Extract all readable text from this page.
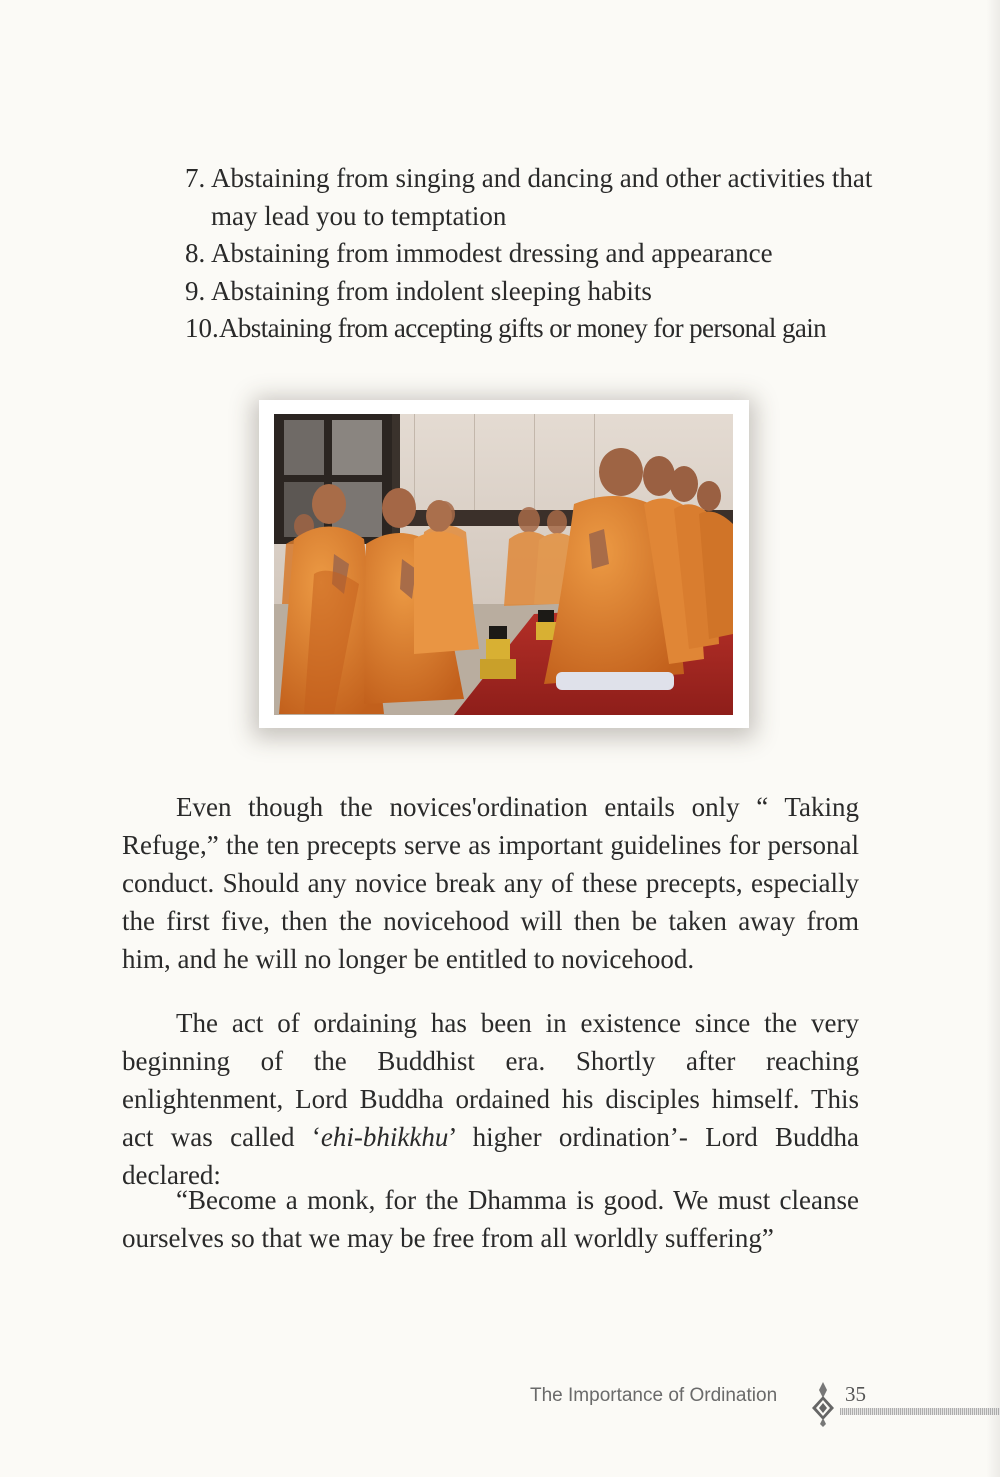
7. Abstaining from singing and dancing and other activities that may lead you to temptation
8. Abstaining from immodest dressing and appearance
9. Abstaining from indolent sleeping habits
10. Abstaining from accepting gifts or money for personal gain

Even though the novices'ordination entails only “ Taking Refuge,” the ten precepts serve as important guidelines for personal conduct. Should any novice break any of these precepts, especially the first five, then the novicehood will then be taken away from him, and he will no longer be entitled to novicehood.

The act of ordaining has been in existence since the very beginning of the Buddhist era. Shortly after reaching enlightenment, Lord Buddha ordained his disciples himself. This act was called ‘ehi-bhikkhu’ higher ordination’- Lord Buddha declared:

“Become a monk, for the Dhamma is good. We must cleanse ourselves so that we may be free from all worldly suffering”

The Importance of Ordination	35
